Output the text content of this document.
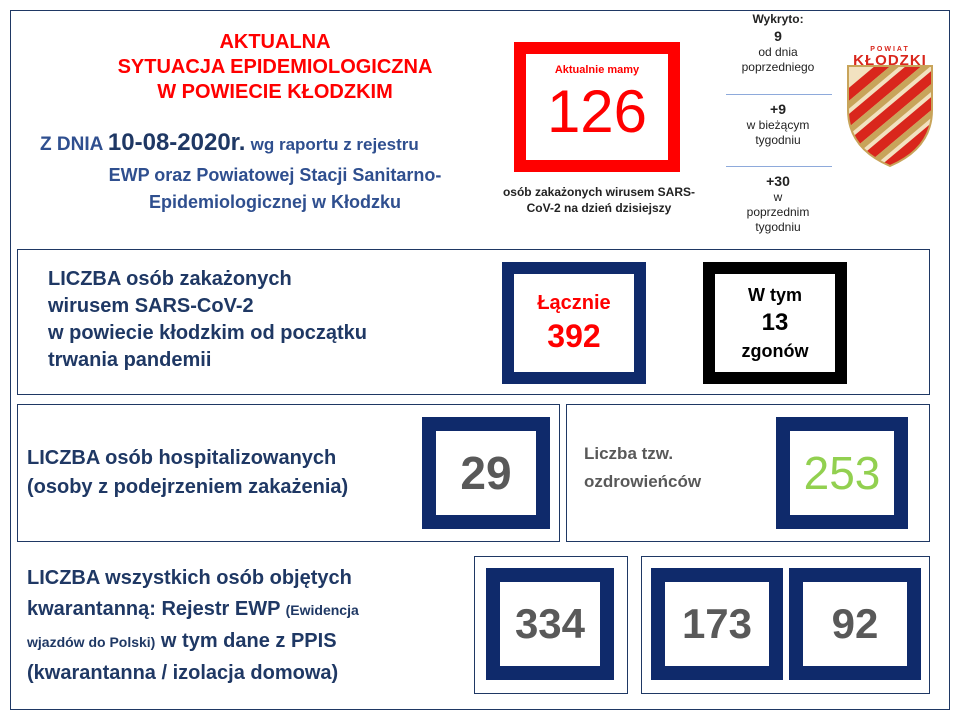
AKTUALNA
SYTUACJA EPIDEMIOLOGICZNA
W POWIECIE KŁODZKIM
Z DNIA 10-08-2020r. wg raportu z rejestru
EWP oraz Powiatowej Stacji Sanitarno-
Epidemiologicznej w Kłodzku
Aktualnie mamy
126
osób zakażonych wirusem SARS-
CoV-2 na dzień dzisiejszy
Wykryto:
9
od dnia
poprzedniego
+9
w bieżącym
tygodniu
+30
w
poprzednim
tygodniu
POWIAT
KŁODZKI
LICZBA osób zakażonych
wirusem SARS-CoV-2
w powiecie kłodzkim od początku
trwania pandemii
Łącznie
392
W tym
13
zgonów
LICZBA osób hospitalizowanych
(osoby z podejrzeniem zakażenia)	29	Liczba tzw.
ozdrowieńców	253
LICZBA wszystkich osób objętych
kwarantanną: Rejestr EWP (Ewidencja
wjazdów do Polski) w tym dane z PPIS
(kwarantanna / izolacja domowa)
334 173 92
